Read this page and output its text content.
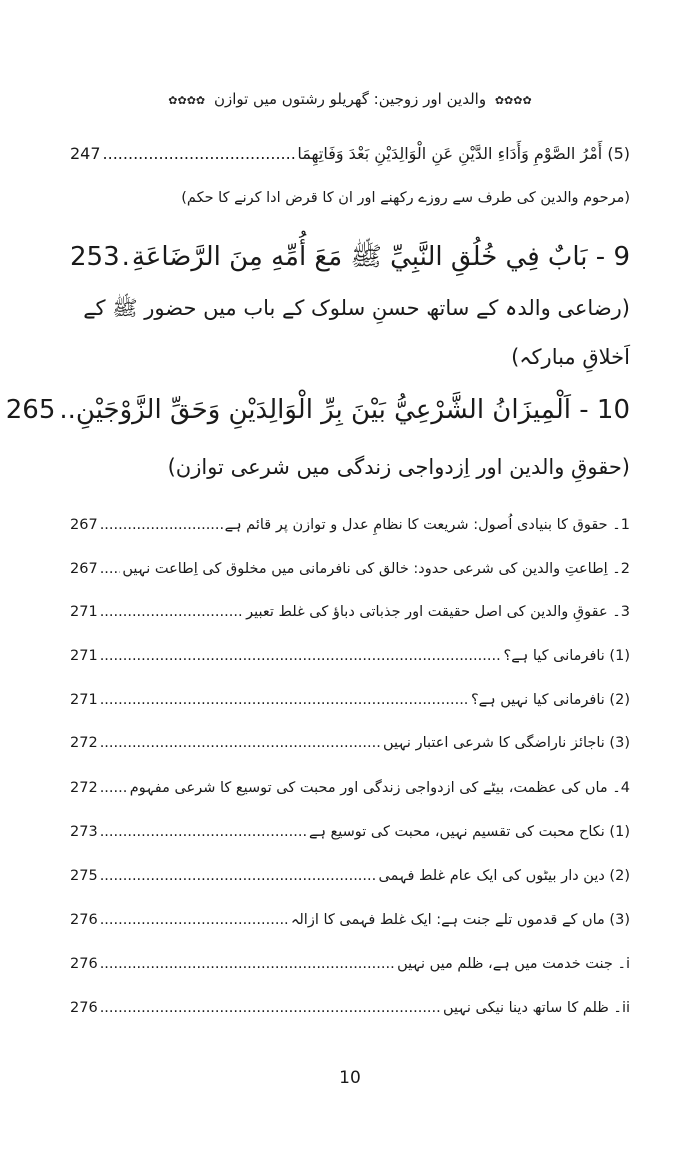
✿✿✿✿ والدین اور زوجین: گھریلو رشتوں میں توازن ✿✿✿✿
(5) أَمْرُ الصَّوْمِ وَأَدَاءِ الدَّيْنِ عَنِ الْوَالِدَيْنِ بَعْدَ وَفَاتِهِمَا
.....
247
(مرحوم والدین کی طرف سے روزے رکھنے اور ان کا قرض ادا کرنے کا حکم)
9 - بَابٌ فِي خُلُقِ النَّبِيِّ ﷺ مَعَ أُمِّهِ مِنَ الرَّضَاعَةِ
.....
253
(رضاعی والدہ کے ساتھ حسنِ سلوک کے باب میں حضور ﷺ کے
اَخلاقِ مبارکہ)
10 - اَلْمِيزَانُ الشَّرْعِيُّ بَيْنَ بِرِّ الْوَالِدَيْنِ وَحَقِّ الزَّوْجَيْنِ..
265
(حقوقِ والدین اور اِزدواجی زندگی میں شرعی توازن)
1۔ حقوق کا بنیادی اُصول: شریعت کا نظامِ عدل و توازن پر قائم ہے
.....
267
2۔ اِطاعتِ والدین کی شرعی حدود: خالق کی نافرمانی میں مخلوق کی اِطاعت نہیں
.....
267
3۔ عقوقِ والدین کی اصل حقیقت اور جذباتی دباؤ کی غلط تعبیر
.....
271
(1) نافرمانی کیا ہے؟
.....
271
(2) نافرمانی کیا نہیں ہے؟
.....
271
(3) ناجائز ناراضگی کا شرعی اعتبار نہیں
.....
272
4۔ ماں کی عظمت، بیٹے کی ازدواجی زندگی اور محبت کی توسیع کا شرعی مفہوم
.....
272
(1) نکاح محبت کی تقسیم نہیں، محبت کی توسیع ہے
.....
273
(2) دین دار بیٹوں کی ایک عام غلط فہمی
.....
275
(3) ماں کے قدموں تلے جنت ہے: ایک غلط فہمی کا ازالہ
.....
276
i۔ جنت خدمت میں ہے، ظلم میں نہیں
.....
276
ii۔ ظلم کا ساتھ دینا نیکی نہیں
.....
276
10
